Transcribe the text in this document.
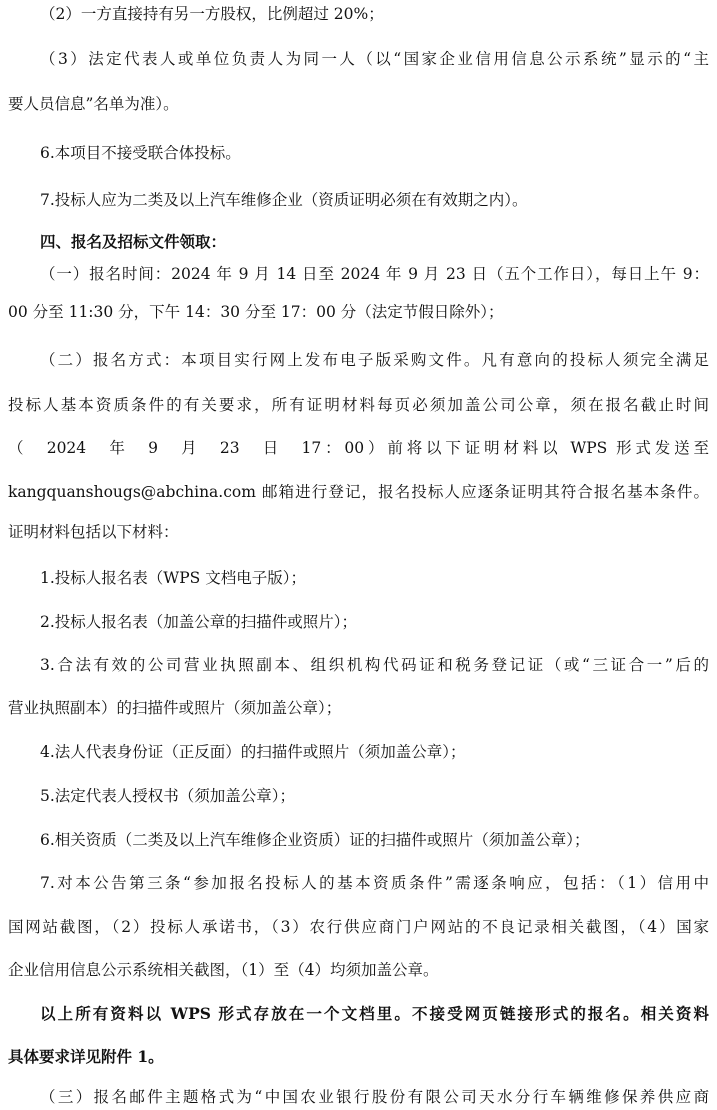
（2）一方直接持有另一方股权，比例超过 20%；
（3）法定代表人或单位负责人为同一人（以“国家企业信用信息公示系统”显示的“主
要人员信息”名单为准）。
6.本项目不接受联合体投标。
7.投标人应为二类及以上汽车维修企业（资质证明必须在有效期之内）。
四、报名及招标文件领取：
（一）报名时间：2024 年 9 月 14 日至 2024 年 9 月 23 日（五个工作日），每日上午 9：
00 分至 11:30 分，下午 14：30 分至 17：00 分（法定节假日除外）；
（二）报名方式：本项目实行网上发布电子版采购文件。凡有意向的投标人须完全满足
投标人基本资质条件的有关要求，所有证明材料每页必须加盖公司公章，须在报名截止时间
（　2024　年　9　月　23　日　17：00）前将以下证明材料以 WPS 形式发送至
kangquanshougs@abchina.com 邮箱进行登记，报名投标人应逐条证明其符合报名基本条件。
证明材料包括以下材料：
1.投标人报名表（WPS 文档电子版）；
2.投标人报名表（加盖公章的扫描件或照片）；
3.合法有效的公司营业执照副本、组织机构代码证和税务登记证（或“三证合一”后的
营业执照副本）的扫描件或照片（须加盖公章）；
4.法人代表身份证（正反面）的扫描件或照片（须加盖公章）；
5.法定代表人授权书（须加盖公章）；
6.相关资质（二类及以上汽车维修企业资质）证的扫描件或照片（须加盖公章）；
7.对本公告第三条“参加报名投标人的基本资质条件”需逐条响应，包括：（1）信用中
国网站截图，（2）投标人承诺书，（3）农行供应商门户网站的不良记录相关截图，（4）国家
企业信用信息公示系统相关截图，（1）至（4）均须加盖公章。
以上所有资料以 WPS 形式存放在一个文档里。不接受网页链接形式的报名。相关资料
具体要求详见附件 1。
（三）报名邮件主题格式为“中国农业银行股份有限公司天水分行车辆维修保养供应商
